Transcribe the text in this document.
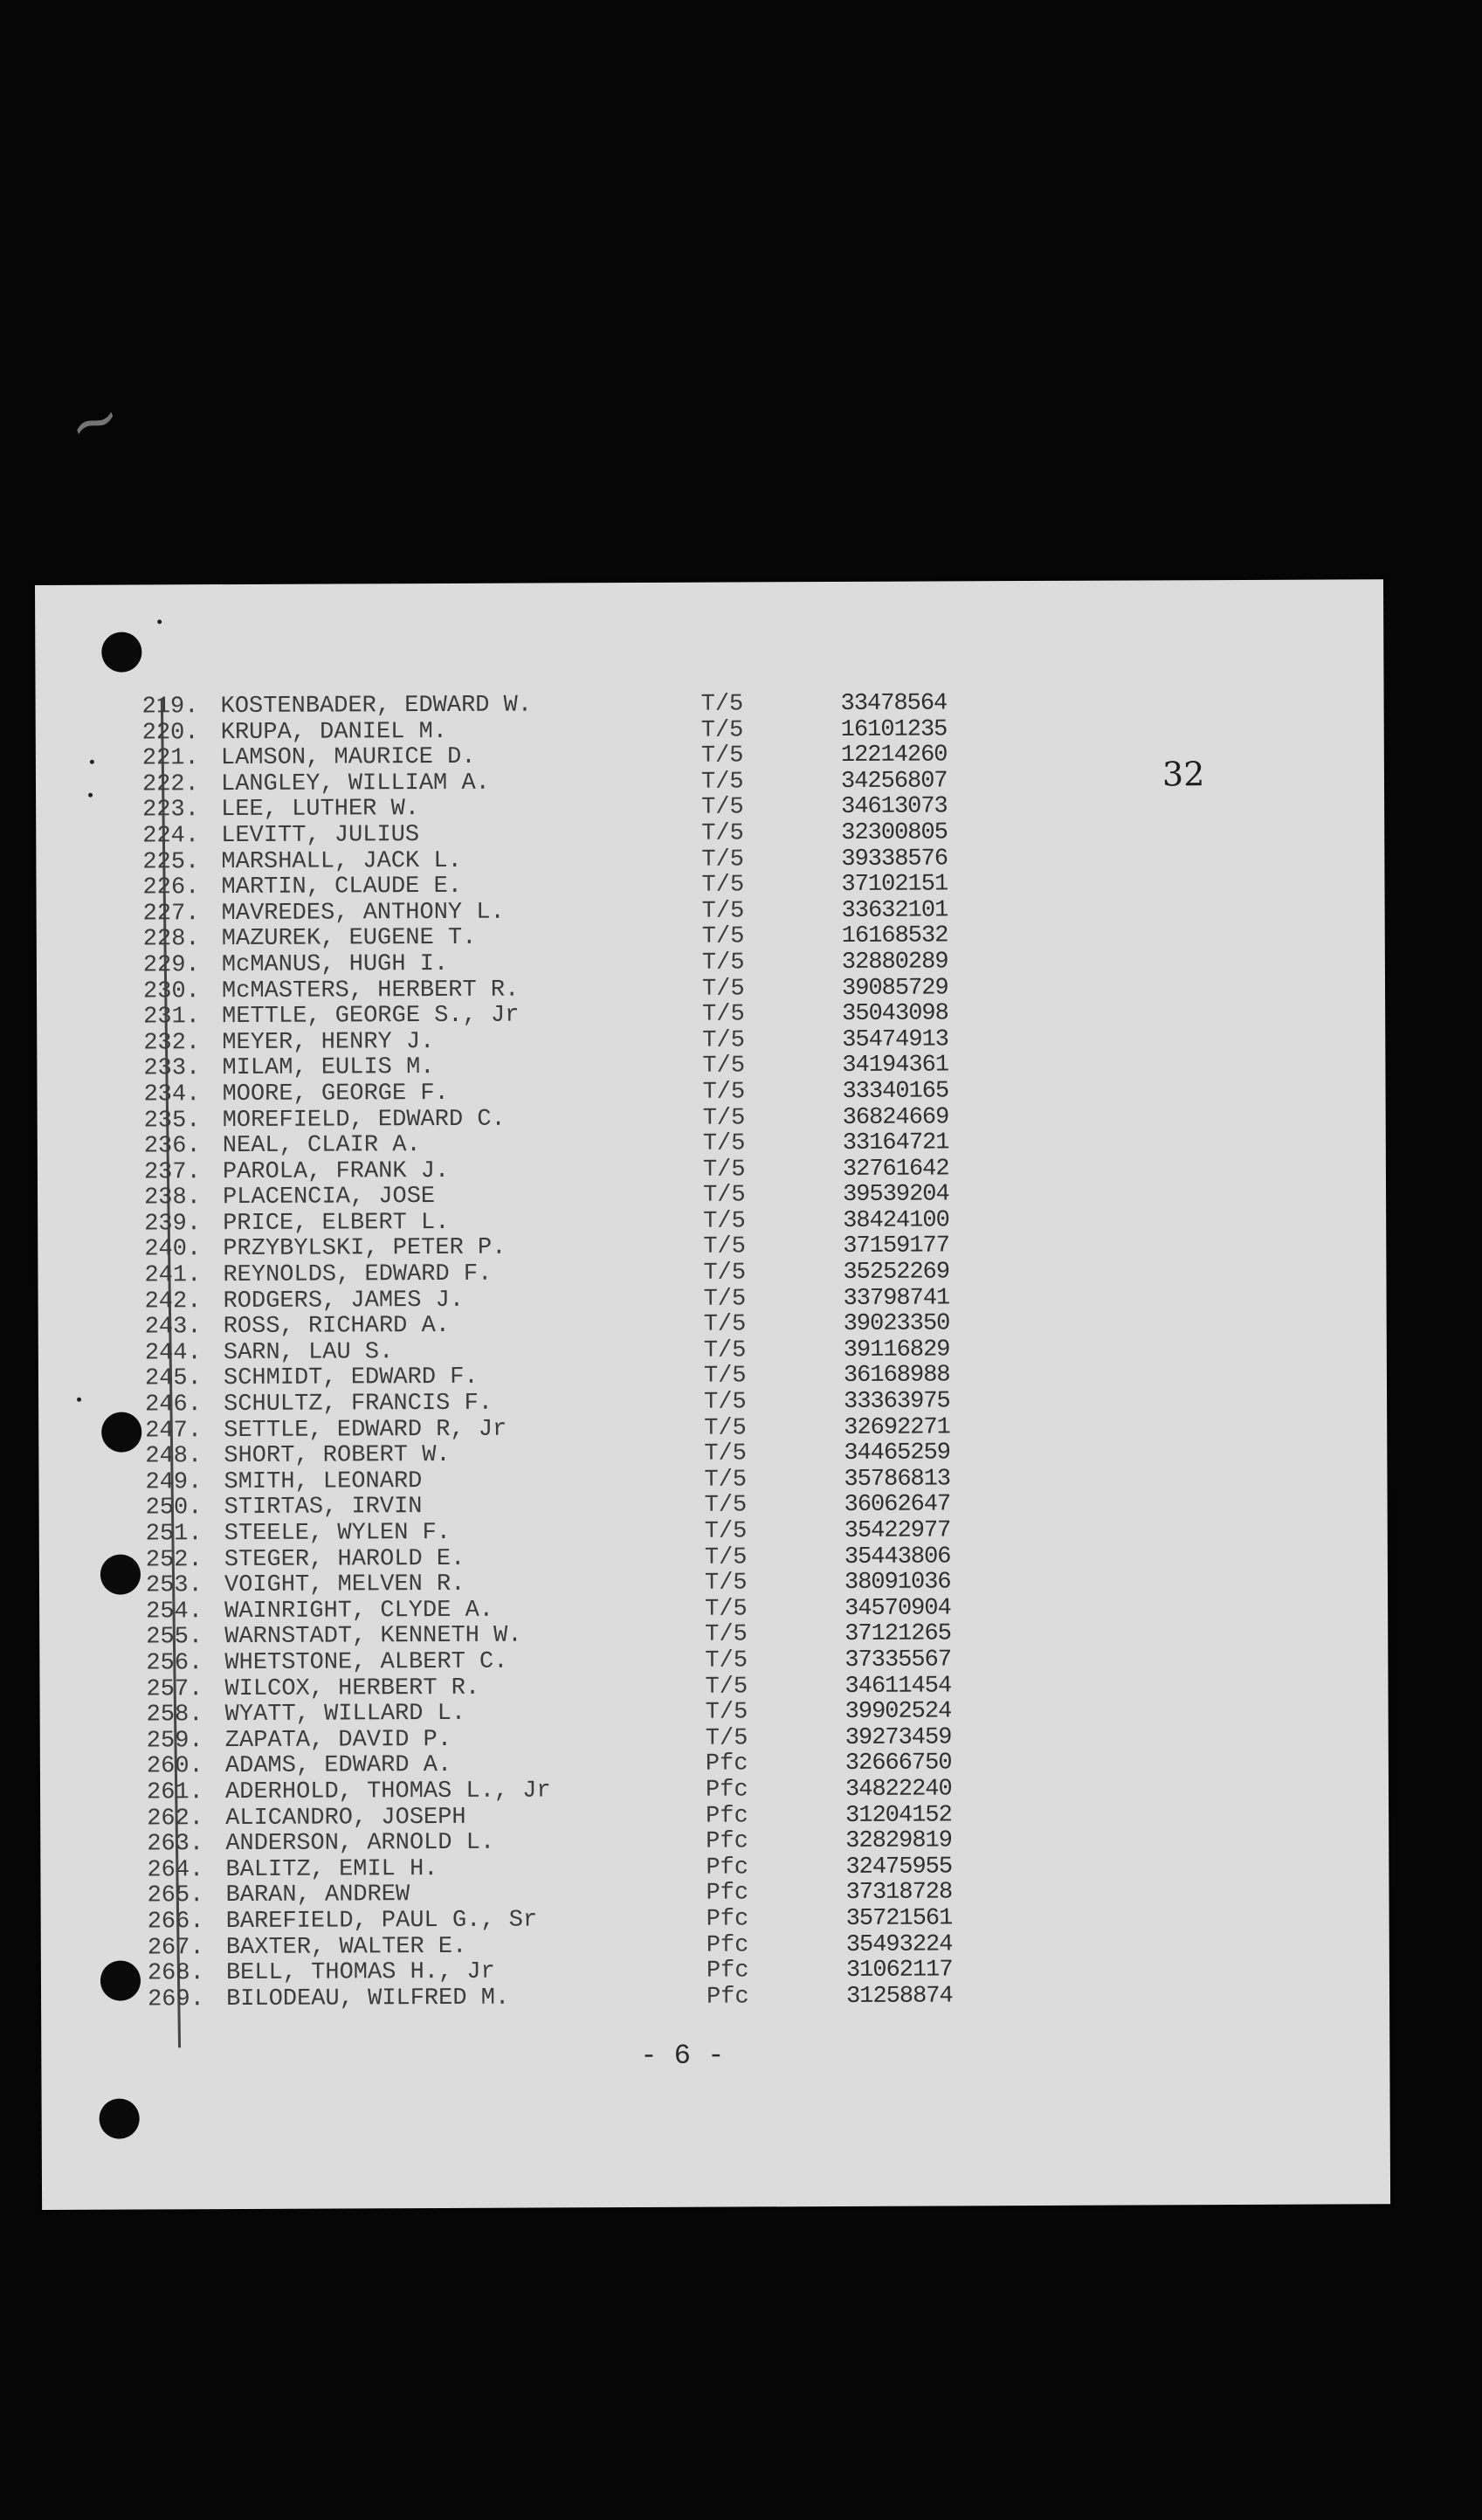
~
32
219. KOSTENBADER, EDWARD W.	T/5	33478564
220. KRUPA, DANIEL M.	T/5	16101235
221. LAMSON, MAURICE D.	T/5	12214260
222. LANGLEY, WILLIAM A.	T/5	34256807
223. LEE, LUTHER W.	T/5	34613073
224. LEVITT, JULIUS	T/5	32300805
225. MARSHALL, JACK L.	T/5	39338576
226. MARTIN, CLAUDE E.	T/5	37102151
227. MAVREDES, ANTHONY L.	T/5	33632101
228. MAZUREK, EUGENE T.	T/5	16168532
229. McMANUS, HUGH I.	T/5	32880289
230. McMASTERS, HERBERT R.	T/5	39085729
231. METTLE, GEORGE S., Jr	T/5	35043098
232. MEYER, HENRY J.	T/5	35474913
233. MILAM, EULIS M.	T/5	34194361
234. MOORE, GEORGE F.	T/5	33340165
235. MOREFIELD, EDWARD C.	T/5	36824669
236. NEAL, CLAIR A.	T/5	33164721
237. PAROLA, FRANK J.	T/5	32761642
238. PLACENCIA, JOSE	T/5	39539204
239. PRICE, ELBERT L.	T/5	38424100
240. PRZYBYLSKI, PETER P.	T/5	37159177
241. REYNOLDS, EDWARD F.	T/5	35252269
242. RODGERS, JAMES J.	T/5	33798741
243. ROSS, RICHARD A.	T/5	39023350
244. SARN, LAU S.	T/5	39116829
245. SCHMIDT, EDWARD F.	T/5	36168988
246. SCHULTZ, FRANCIS F.	T/5	33363975
247. SETTLE, EDWARD R, Jr	T/5	32692271
248. SHORT, ROBERT W.	T/5	34465259
249. SMITH, LEONARD	T/5	35786813
250. STIRTAS, IRVIN	T/5	36062647
251. STEELE, WYLEN F.	T/5	35422977
252. STEGER, HAROLD E.	T/5	35443806
253. VOIGHT, MELVEN R.	T/5	38091036
254. WAINRIGHT, CLYDE A.	T/5	34570904
255. WARNSTADT, KENNETH W.	T/5	37121265
256. WHETSTONE, ALBERT C.	T/5	37335567
257. WILCOX, HERBERT R.	T/5	34611454
258. WYATT, WILLARD L.	T/5	39902524
259. ZAPATA, DAVID P.	T/5	39273459
260. ADAMS, EDWARD A.	Pfc	32666750
261. ADERHOLD, THOMAS L., Jr	Pfc	34822240
262. ALICANDRO, JOSEPH	Pfc	31204152
263. ANDERSON, ARNOLD L.	Pfc	32829819
264. BALITZ, EMIL H.	Pfc	32475955
265. BARAN, ANDREW	Pfc	37318728
266. BAREFIELD, PAUL G., Sr	Pfc	35721561
267. BAXTER, WALTER E.	Pfc	35493224
268. BELL, THOMAS H., Jr	Pfc	31062117
269. BILODEAU, WILFRED M.	Pfc	31258874
- 6 -
